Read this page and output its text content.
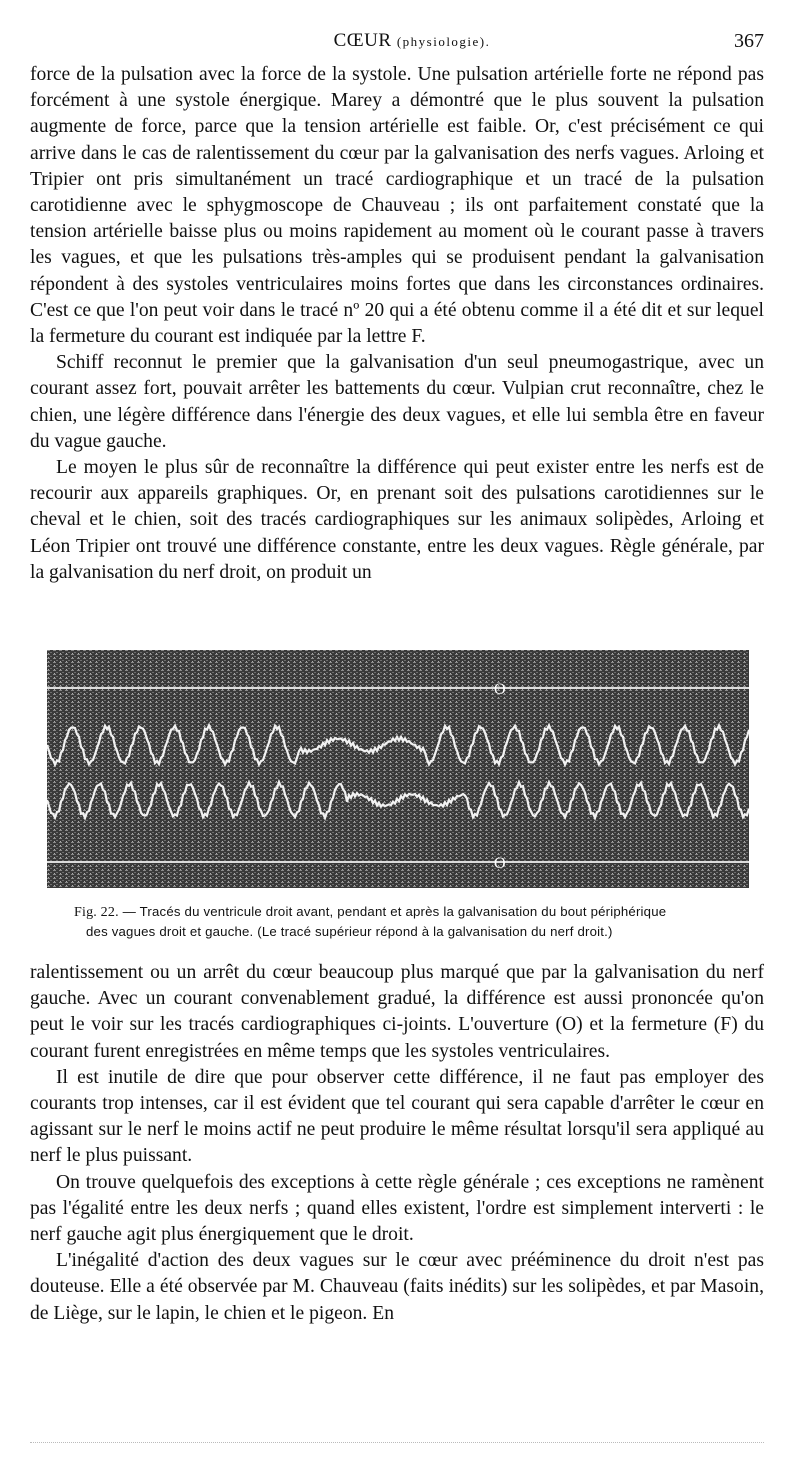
CŒUR (physiologie).	367

force de la pulsation avec la force de la systole. Une pulsation artérielle forte ne répond pas forcément à une systole énergique. Marey a démontré que le plus souvent la pulsation augmente de force, parce que la tension artérielle est faible. Or, c'est précisément ce qui arrive dans le cas de ralentissement du cœur par la galvanisation des nerfs vagues. Arloing et Tripier ont pris simultanément un tracé cardiographique et un tracé de la pulsation carotidienne avec le sphygmoscope de Chauveau ; ils ont parfaitement constaté que la tension artérielle baisse plus ou moins rapidement au moment où le courant passe à travers les vagues, et que les pulsations très-amples qui se produisent pendant la galvanisation répondent à des systoles ventriculaires moins fortes que dans les circonstances ordinaires. C'est ce que l'on peut voir dans le tracé nº 20 qui a été obtenu comme il a été dit et sur lequel la fermeture du courant est indiquée par la lettre F.

Schiff reconnut le premier que la galvanisation d'un seul pneumogastrique, avec un courant assez fort, pouvait arrêter les battements du cœur. Vulpian crut reconnaître, chez le chien, une légère différence dans l'énergie des deux vagues, et elle lui sembla être en faveur du vague gauche.

Le moyen le plus sûr de reconnaître la différence qui peut exister entre les nerfs est de recourir aux appareils graphiques. Or, en prenant soit des pulsations carotidiennes sur le cheval et le chien, soit des tracés cardiographiques sur les animaux solipèdes, Arloing et Léon Tripier ont trouvé une différence constante, entre les deux vagues. Règle générale, par la galvanisation du nerf droit, on produit un

O
O
Fig. 22. — Tracés du ventricule droit avant, pendant et après la galvanisation du bout périphérique
des vagues droit et gauche. (Le tracé supérieur répond à la galvanisation du nerf droit.)

ralentissement ou un arrêt du cœur beaucoup plus marqué que par la galvanisation du nerf gauche. Avec un courant convenablement gradué, la différence est aussi prononcée qu'on peut le voir sur les tracés cardiographiques ci-joints. L'ouverture (O) et la fermeture (F) du courant furent enregistrées en même temps que les systoles ventriculaires.

Il est inutile de dire que pour observer cette différence, il ne faut pas employer des courants trop intenses, car il est évident que tel courant qui sera capable d'arrêter le cœur en agissant sur le nerf le moins actif ne peut produire le même résultat lorsqu'il sera appliqué au nerf le plus puissant.

On trouve quelquefois des exceptions à cette règle générale ; ces exceptions ne ramènent pas l'égalité entre les deux nerfs ; quand elles existent, l'ordre est simplement interverti : le nerf gauche agit plus énergiquement que le droit.

L'inégalité d'action des deux vagues sur le cœur avec prééminence du droit n'est pas douteuse. Elle a été observée par M. Chauveau (faits inédits) sur les solipèdes, et par Masoin, de Liège, sur le lapin, le chien et le pigeon. En
